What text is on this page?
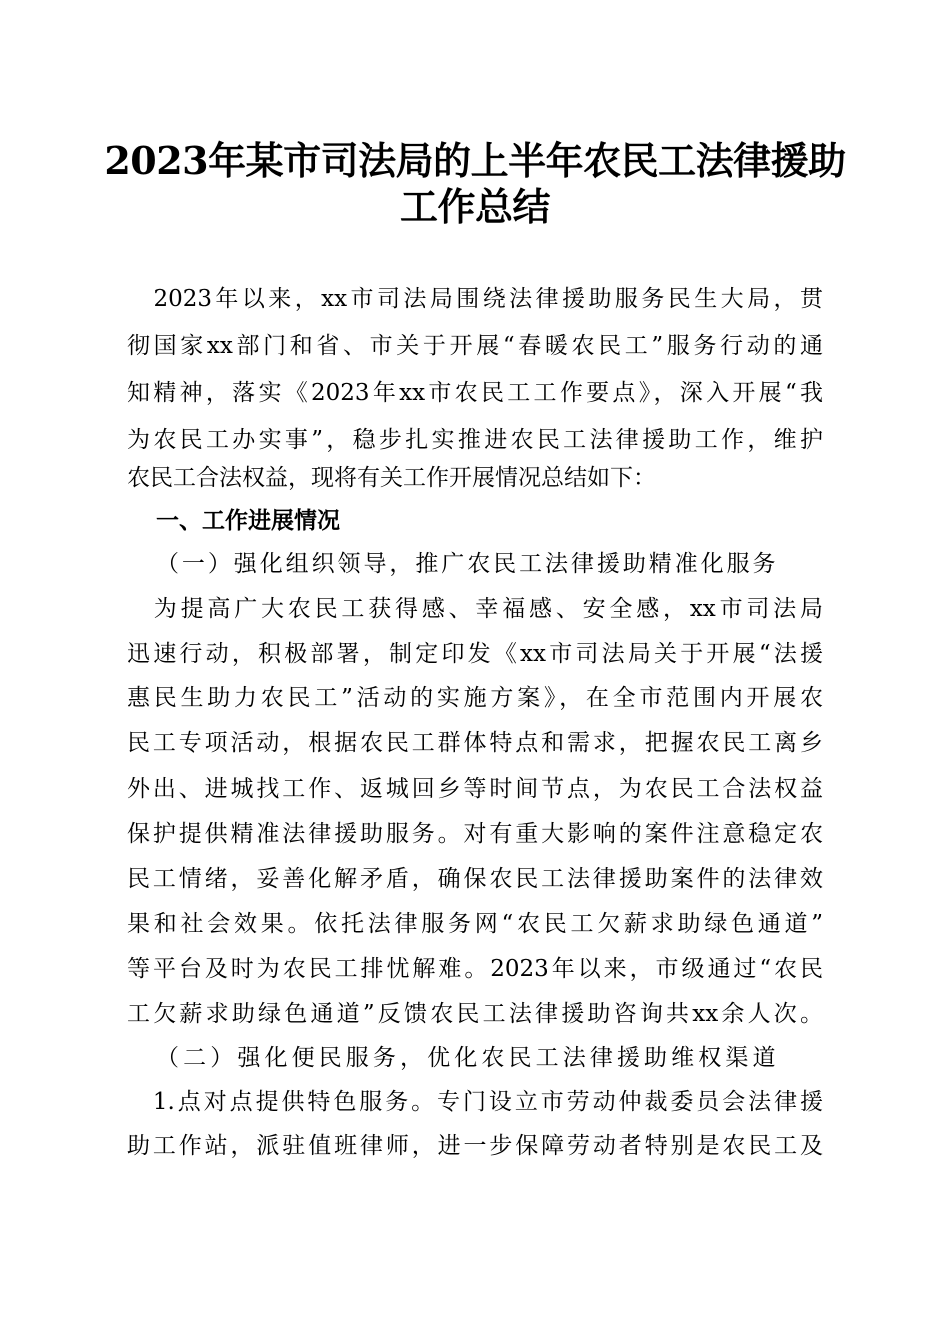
2023年某市司法局的上半年农民工法律援助
工作总结
　2023年以来，xx市司法局围绕法律援助服务民生大局，贯
彻国家xx部门和省、市关于开展“春暖农民工”服务行动的通
知精神，落实《2023年xx市农民工工作要点》，深入开展“我
为农民工办实事”，稳步扎实推进农民工法律援助工作，维护
农民工合法权益，现将有关工作开展情况总结如下：
一、工作进展情况
（一）强化组织领导，推广农民工法律援助精准化服务
　为提高广大农民工获得感、幸福感、安全感，xx市司法局
迅速行动，积极部署，制定印发《xx市司法局关于开展“法援
惠民生助力农民工”活动的实施方案》，在全市范围内开展农
民工专项活动，根据农民工群体特点和需求，把握农民工离乡
外出、进城找工作、返城回乡等时间节点，为农民工合法权益
保护提供精准法律援助服务。对有重大影响的案件注意稳定农
民工情绪，妥善化解矛盾，确保农民工法律援助案件的法律效
果和社会效果。依托法律服务网“农民工欠薪求助绿色通道”
等平台及时为农民工排忧解难。2023年以来，市级通过“农民
工欠薪求助绿色通道”反馈农民工法律援助咨询共xx余人次。
（二）强化便民服务，优化农民工法律援助维权渠道
　1.点对点提供特色服务。专门设立市劳动仲裁委员会法律援
助工作站，派驻值班律师，进一步保障劳动者特别是农民工及
